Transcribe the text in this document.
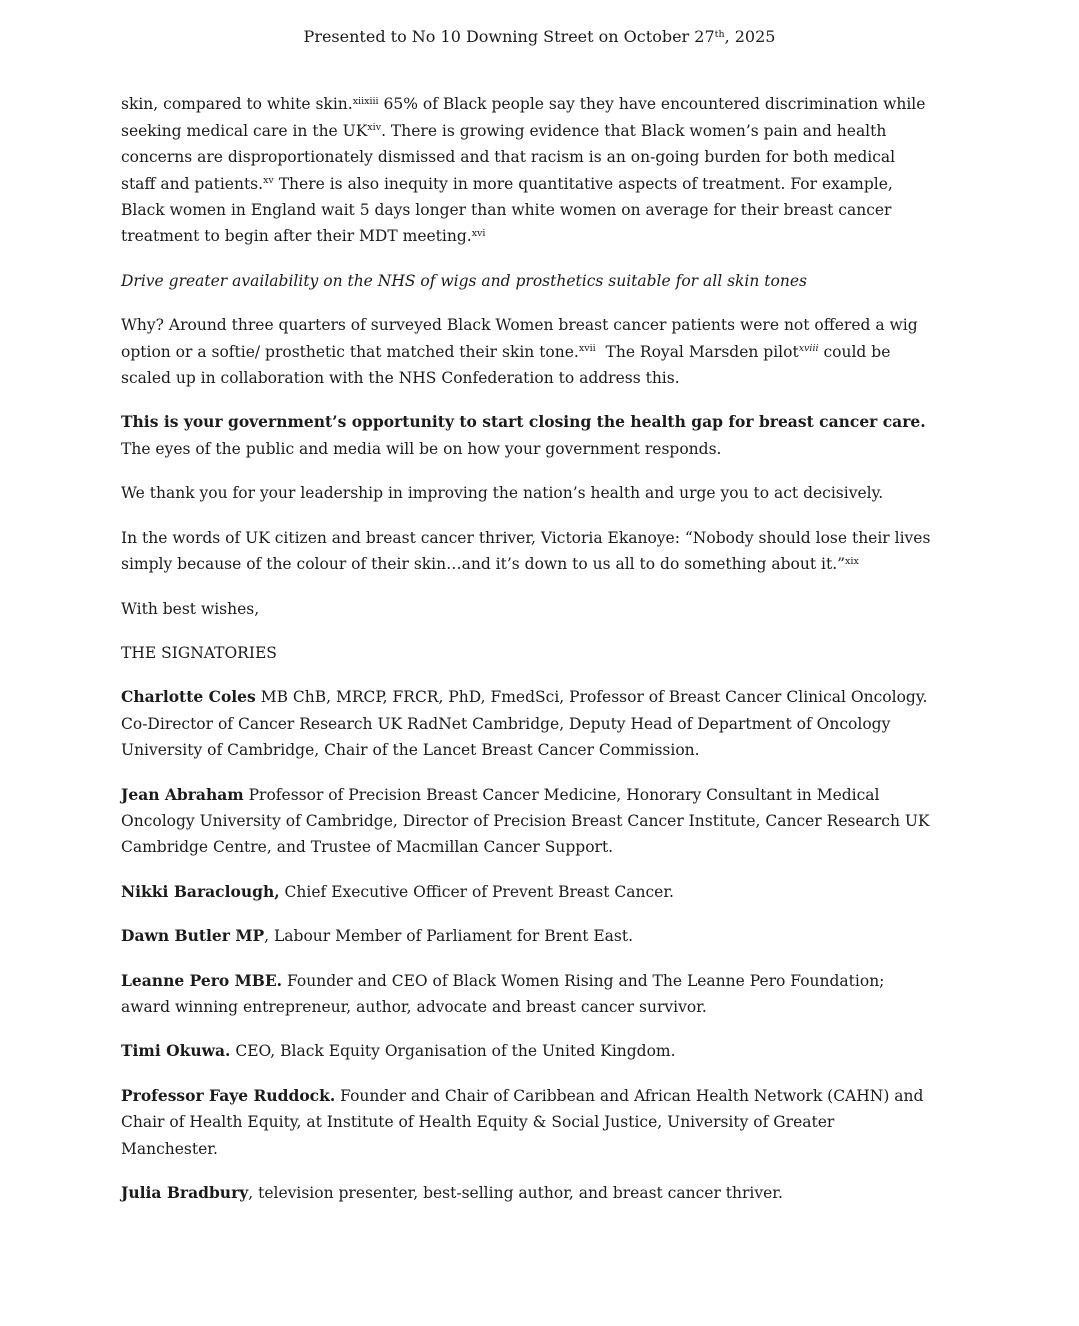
Presented to No 10 Downing Street on October 27th, 2025

skin, compared to white skin.$^{xiixiii}$ 65% of Black people say they have encountered discrimination while seeking medical care in the UK$^{xiv}$. There is growing evidence that Black women’s pain and health concerns are disproportionately dismissed and that racism is an on-going burden for both medical staff and patients.$^{xv}$ There is also inequity in more quantitative aspects of treatment. For example, Black women in England wait 5 days longer than white women on average for their breast cancer treatment to begin after their MDT meeting.$^{xvi}$

Drive greater availability on the NHS of wigs and prosthetics suitable for all skin tones

Why? Around three quarters of surveyed Black Women breast cancer patients were not offered a wig option or a softie/ prosthetic that matched their skin tone.$^{xvii}$  The Royal Marsden pilot$^{xviii}$ could be scaled up in collaboration with the NHS Confederation to address this.

This is your government’s opportunity to start closing the health gap for breast cancer care. The eyes of the public and media will be on how your government responds.

We thank you for your leadership in improving the nation’s health and urge you to act decisively.

In the words of UK citizen and breast cancer thriver, Victoria Ekanoye: “Nobody should lose their lives simply because of the colour of their skin…and it’s down to us all to do something about it.”$^{xix}$

With best wishes,

THE SIGNATORIES

Charlotte Coles MB ChB, MRCP, FRCR, PhD, FmedSci, Professor of Breast Cancer Clinical Oncology. Co-Director of Cancer Research UK RadNet Cambridge, Deputy Head of Department of Oncology University of Cambridge, Chair of the Lancet Breast Cancer Commission.

Jean Abraham Professor of Precision Breast Cancer Medicine, Honorary Consultant in Medical Oncology University of Cambridge, Director of Precision Breast Cancer Institute, Cancer Research UK Cambridge Centre, and Trustee of Macmillan Cancer Support.

Nikki Baraclough, Chief Executive Officer of Prevent Breast Cancer.

Dawn Butler MP, Labour Member of Parliament for Brent East.

Leanne Pero MBE. Founder and CEO of Black Women Rising and The Leanne Pero Foundation; award winning entrepreneur, author, advocate and breast cancer survivor.

Timi Okuwa. CEO, Black Equity Organisation of the United Kingdom.

Professor Faye Ruddock. Founder and Chair of Caribbean and African Health Network (CAHN) and Chair of Health Equity, at Institute of Health Equity & Social Justice, University of Greater Manchester.

Julia Bradbury, television presenter, best-selling author, and breast cancer thriver.
